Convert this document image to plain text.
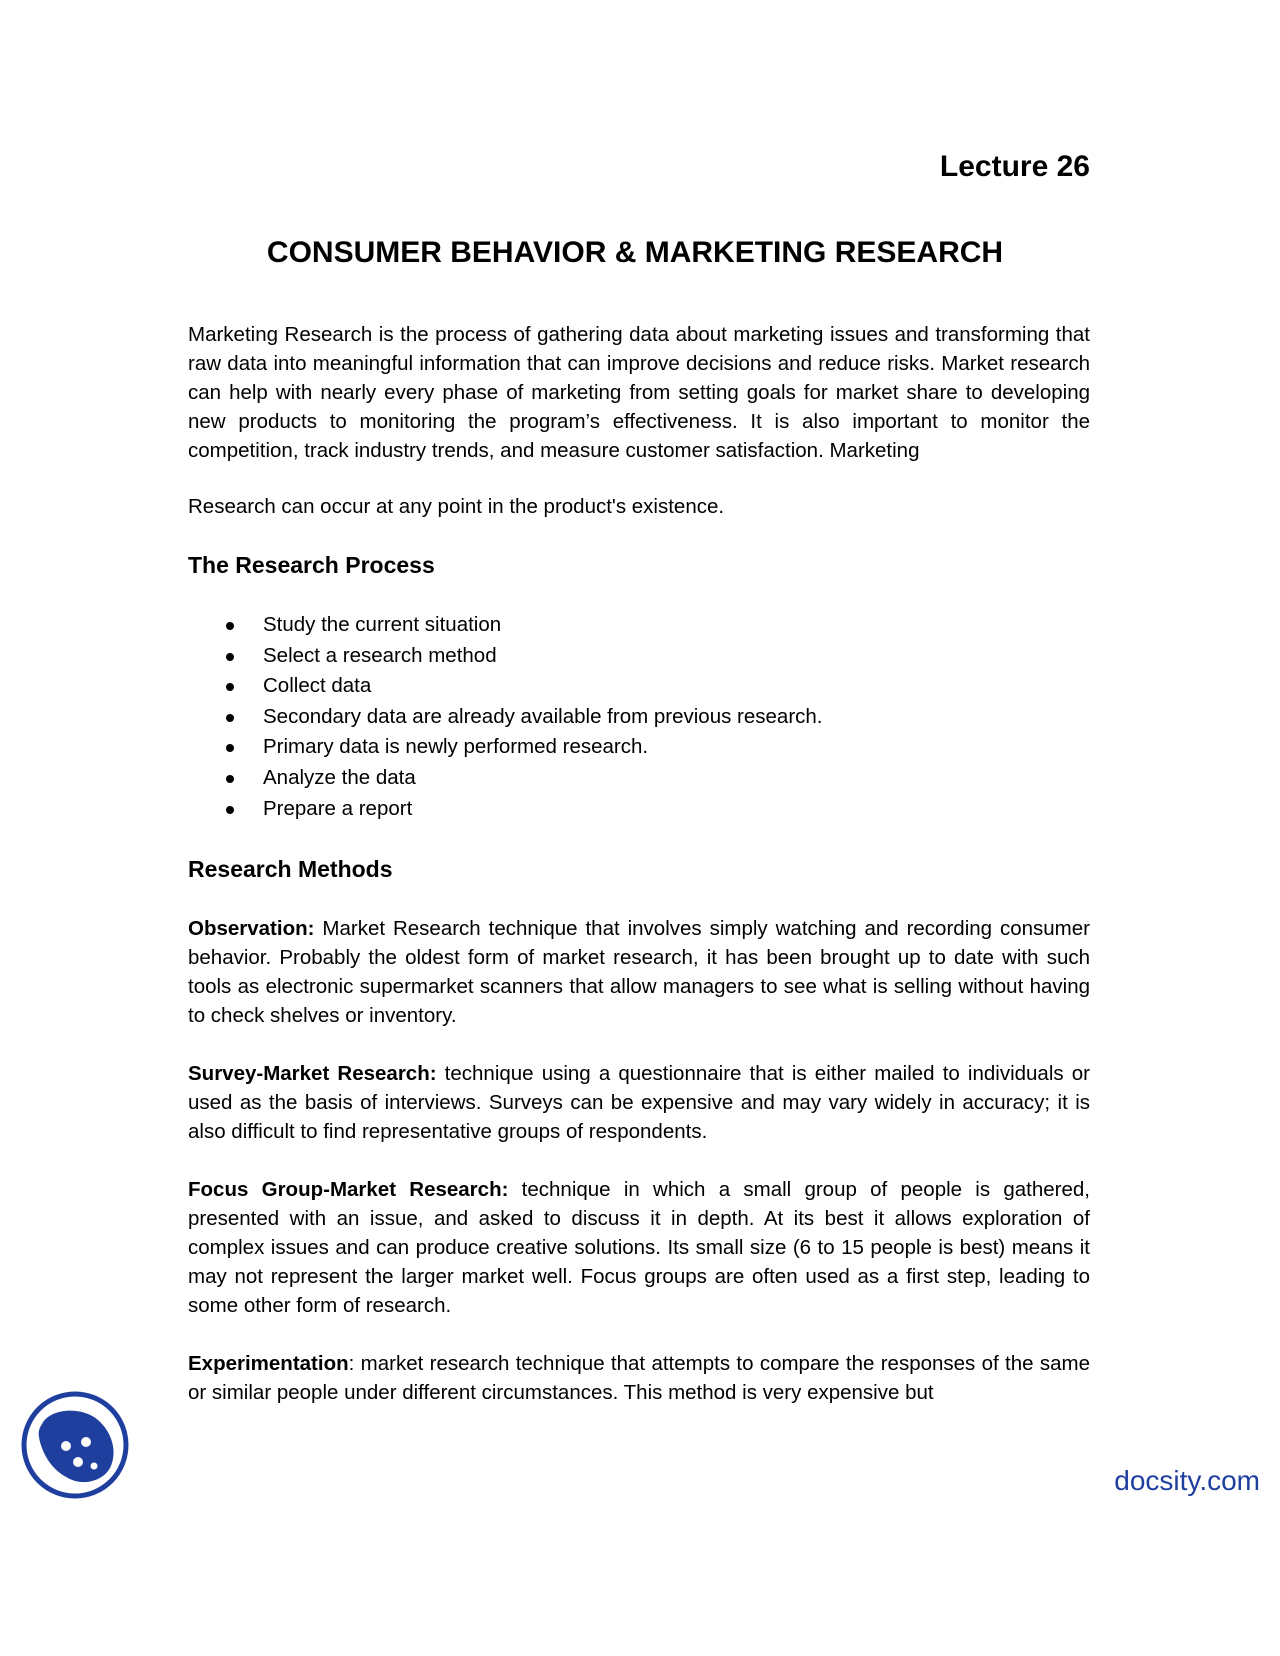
Lecture 26
CONSUMER BEHAVIOR & MARKETING RESEARCH

Marketing Research is the process of gathering data about marketing issues and transforming that raw data into meaningful information that can improve decisions and reduce risks. Market research can help with nearly every phase of marketing from setting goals for market share to developing new products to monitoring the program’s effectiveness. It is also important to monitor the competition, track industry trends, and measure customer satisfaction. Marketing

Research can occur at any point in the product's existence.

The Research Process
Study the current situation
Select a research method
Collect data
Secondary data are already available from previous research.
Primary data is newly performed research.
Analyze the data
Prepare a report
Research Methods

Observation: Market Research technique that involves simply watching and recording consumer behavior. Probably the oldest form of market research, it has been brought up to date with such tools as electronic supermarket scanners that allow managers to see what is selling without having to check shelves or inventory.

Survey-Market Research: technique using a questionnaire that is either mailed to individuals or used as the basis of interviews. Surveys can be expensive and may vary widely in accuracy; it is also difficult to find representative groups of respondents.

Focus Group-Market Research: technique in which a small group of people is gathered, presented with an issue, and asked to discuss it in depth. At its best it allows exploration of complex issues and can produce creative solutions. Its small size (6 to 15 people is best) means it may not represent the larger market well. Focus groups are often used as a first step, leading to some other form of research.

Experimentation: market research technique that attempts to compare the responses of the same or similar people under different circumstances. This method is very expensive but

docsity.com
